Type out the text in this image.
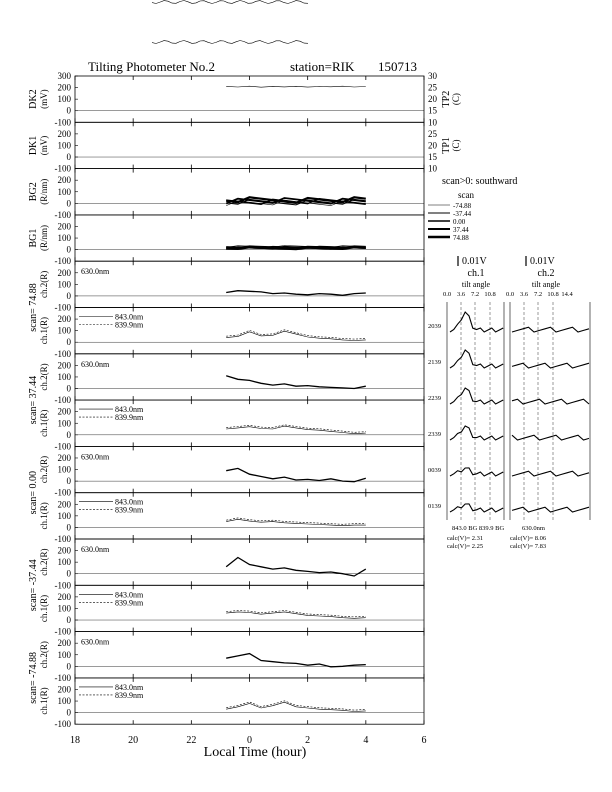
Tilting Photometer No.2	station=RIK 150713
300
200
100
0
-100
200
100
0
-100
200
100
0
-100
200
100
0
-100
200
100
0
-100
200
100
0
-100
200
100
0
-100
200
100
0
-100
200
100
0
-100
200
100
0
-100
200
100
0
-100
200
100
0
-100
200
100
0
-100
200
100
0
-100
30
25
20
15
10
25
20
15
10
DK2 (mV)
DK1 (mV)
BG2 (R/nm)
BG1 (R/nm)
TP2 (C)
TP1 (C)
scan= 74.88 ch.2(R)
ch.1(R)
630.0nm
843.0nm
839.9nm
scan= 37.44 ch.2(R)
ch.1(R)
630.0nm
843.0nm
839.9nm
scan= 0.00
ch.2(R)
ch.1(R)
630.0nm
843.0nm
839.9nm
scan= -37.44 ch.2(R)
ch.1(R)
630.0nm
843.0nm
839.9nm
scan= -74.88 ch.2(R)
ch.1(R)
630.0nm
843.0nm
839.9nm
18	20	22	0	2	4	6
Local Time (hour)
scan>0: southward
scan
-74.88
-37.44
0.00
37.44
74.88
0.01V	0.01V
ch.1	ch.2
tilt angle	tilt angle
0.0 3.6 7.2 10.8 0.0 3.6 7.2 10.8 14.4
2039
2139
2239
2339
0039
0139
843.0 BG 839.9 BG	630.0nm
calc(V)= 2.31
calc(V)= 2.25
calc(V)= 8.06
calc(V)= 7.83
